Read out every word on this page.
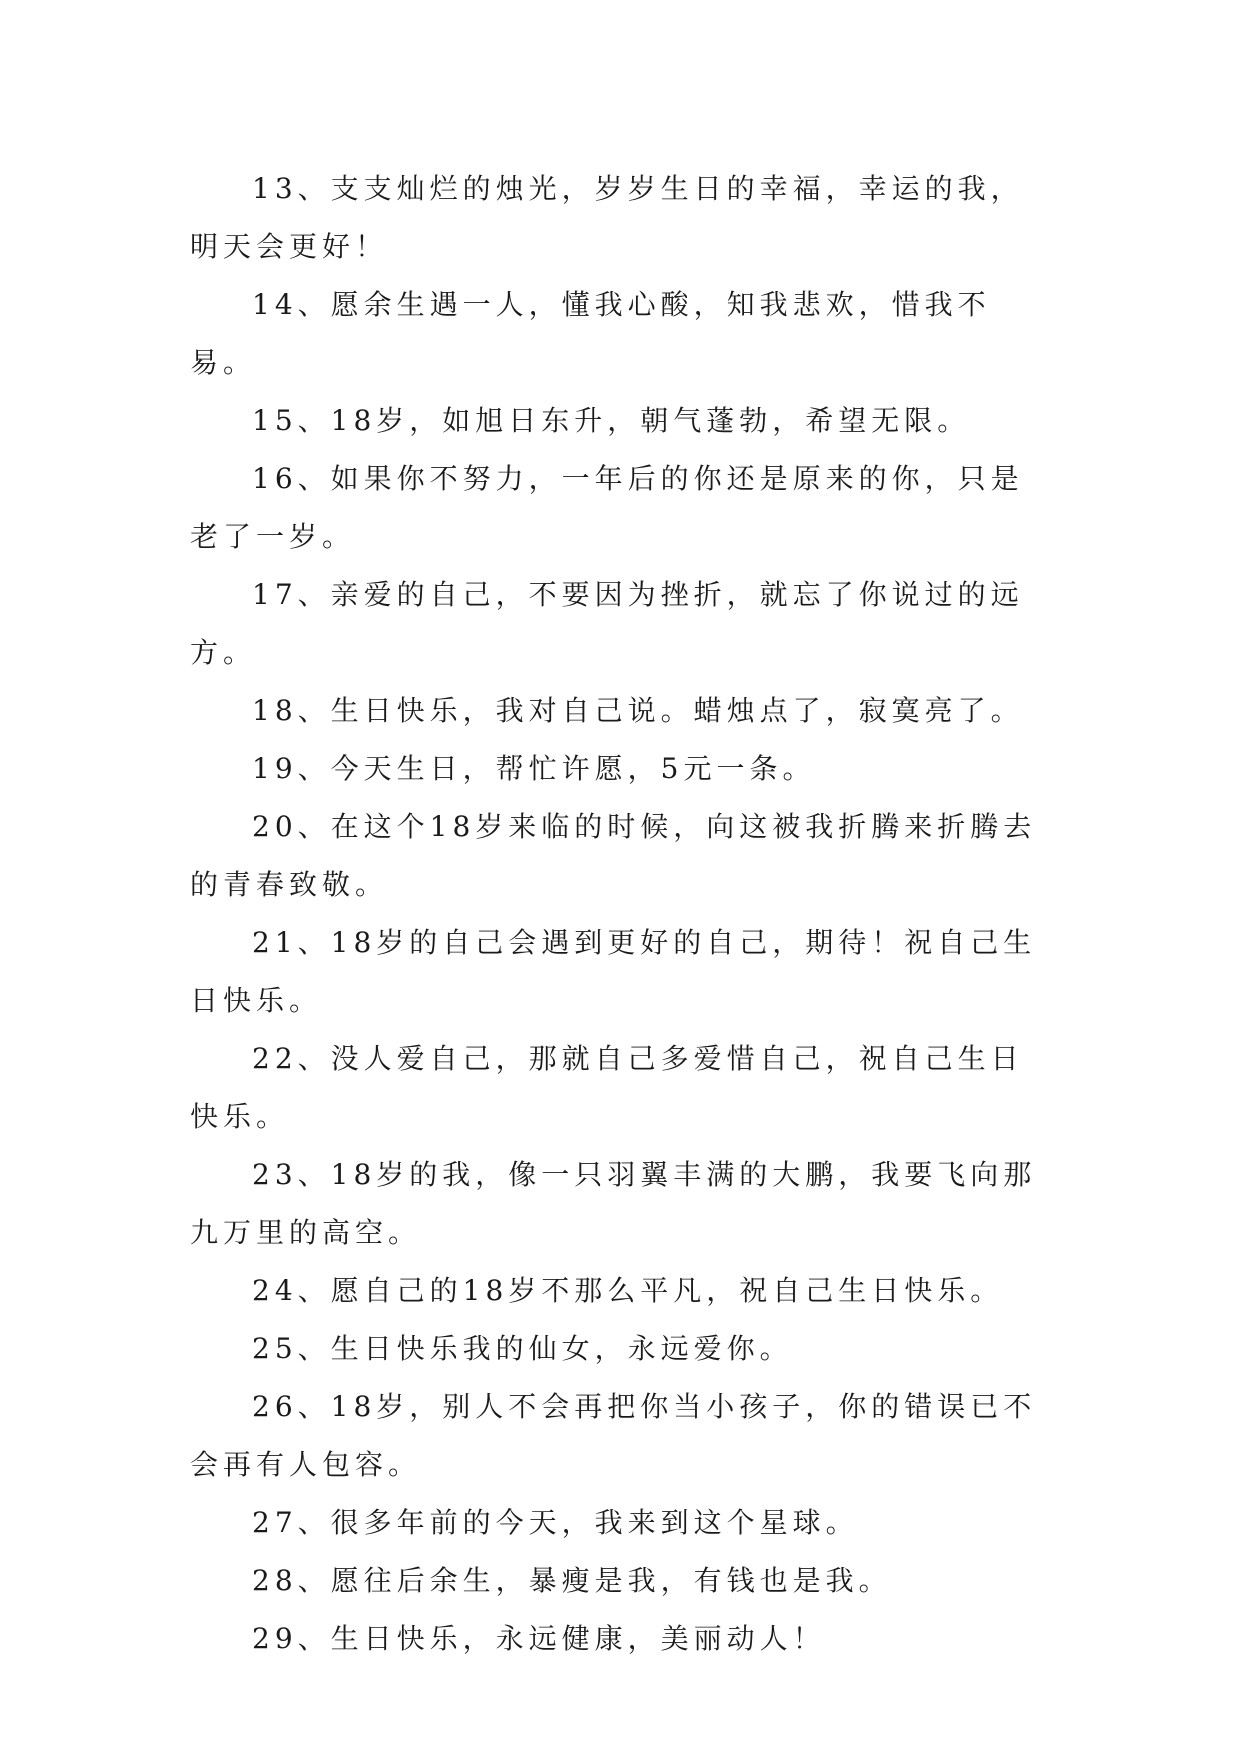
13、支支灿烂的烛光，岁岁生日的幸福，幸运的我，明天会更好！

14、愿余生遇一人，懂我心酸，知我悲欢，惜我不易。

15、18岁，如旭日东升，朝气蓬勃，希望无限。

16、如果你不努力，一年后的你还是原来的你，只是老了一岁。

17、亲爱的自己，不要因为挫折，就忘了你说过的远方。

18、生日快乐，我对自己说。蜡烛点了，寂寞亮了。

19、今天生日，帮忙许愿，5元一条。

20、在这个18岁来临的时候，向这被我折腾来折腾去的青春致敬。

21、18岁的自己会遇到更好的自己，期待！祝自己生日快乐。

22、没人爱自己，那就自己多爱惜自己，祝自己生日快乐。

23、18岁的我，像一只羽翼丰满的大鹏，我要飞向那九万里的高空。

24、愿自己的18岁不那么平凡，祝自己生日快乐。

25、生日快乐我的仙女，永远爱你。

26、18岁，别人不会再把你当小孩子，你的错误已不会再有人包容。

27、很多年前的今天，我来到这个星球。

28、愿往后余生，暴瘦是我，有钱也是我。

29、生日快乐，永远健康，美丽动人！
